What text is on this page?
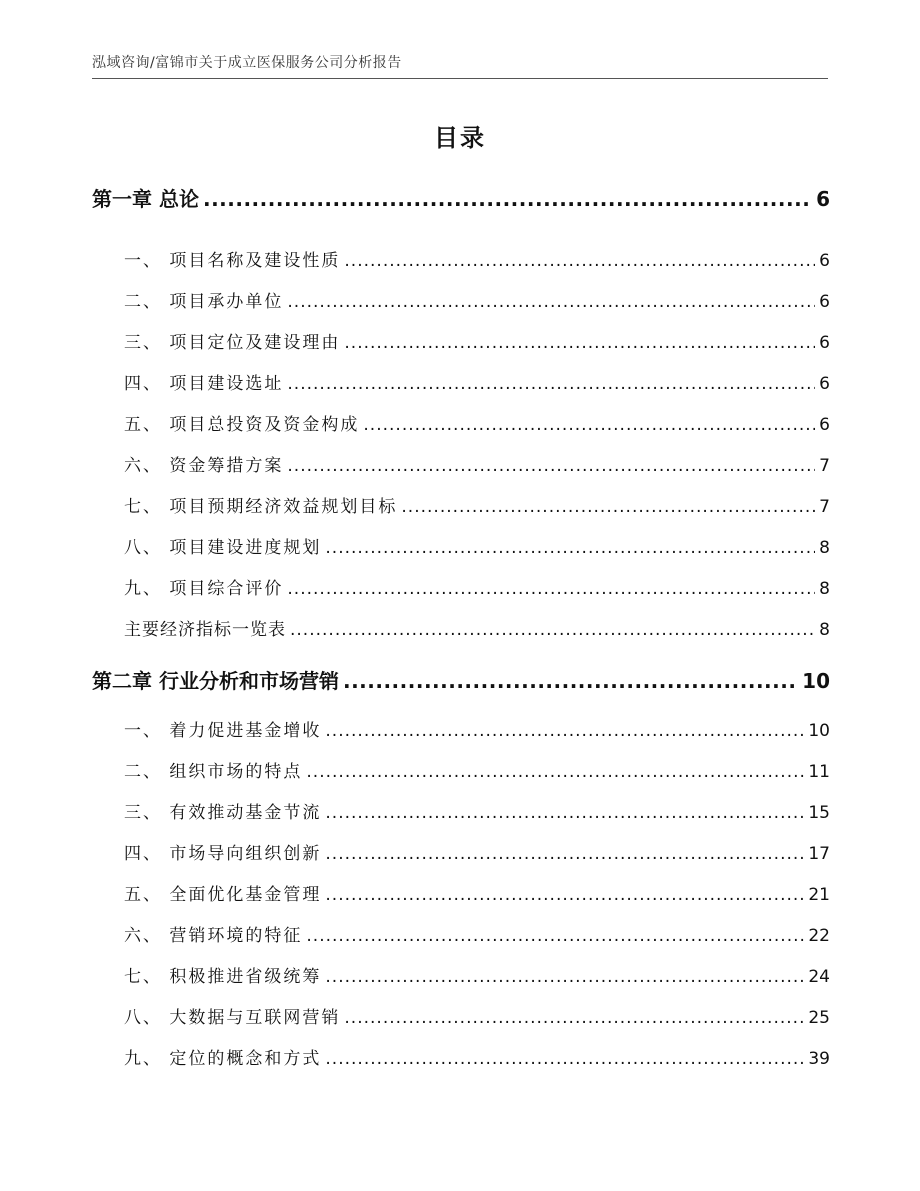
泓域咨询/富锦市关于成立医保服务公司分析报告
目录
第一章 总论 .....	6
一、 项目名称及建设性质 .....	6
二、 项目承办单位 .....	6
三、 项目定位及建设理由 .....	6
四、 项目建设选址 .....	6
五、 项目总投资及资金构成 .....	6
六、 资金筹措方案 .....	7
七、 项目预期经济效益规划目标 .....	7
八、 项目建设进度规划 .....	8
九、 项目综合评价 .....	8
主要经济指标一览表 .....	8
第二章 行业分析和市场营销 .....	10
一、 着力促进基金增收 .....	10
二、 组织市场的特点 .....	11
三、 有效推动基金节流 .....	15
四、 市场导向组织创新 .....	17
五、 全面优化基金管理 .....	21
六、 营销环境的特征 .....	22
七、 积极推进省级统筹 .....	24
八、 大数据与互联网营销 .....	25
九、 定位的概念和方式 .....	39
